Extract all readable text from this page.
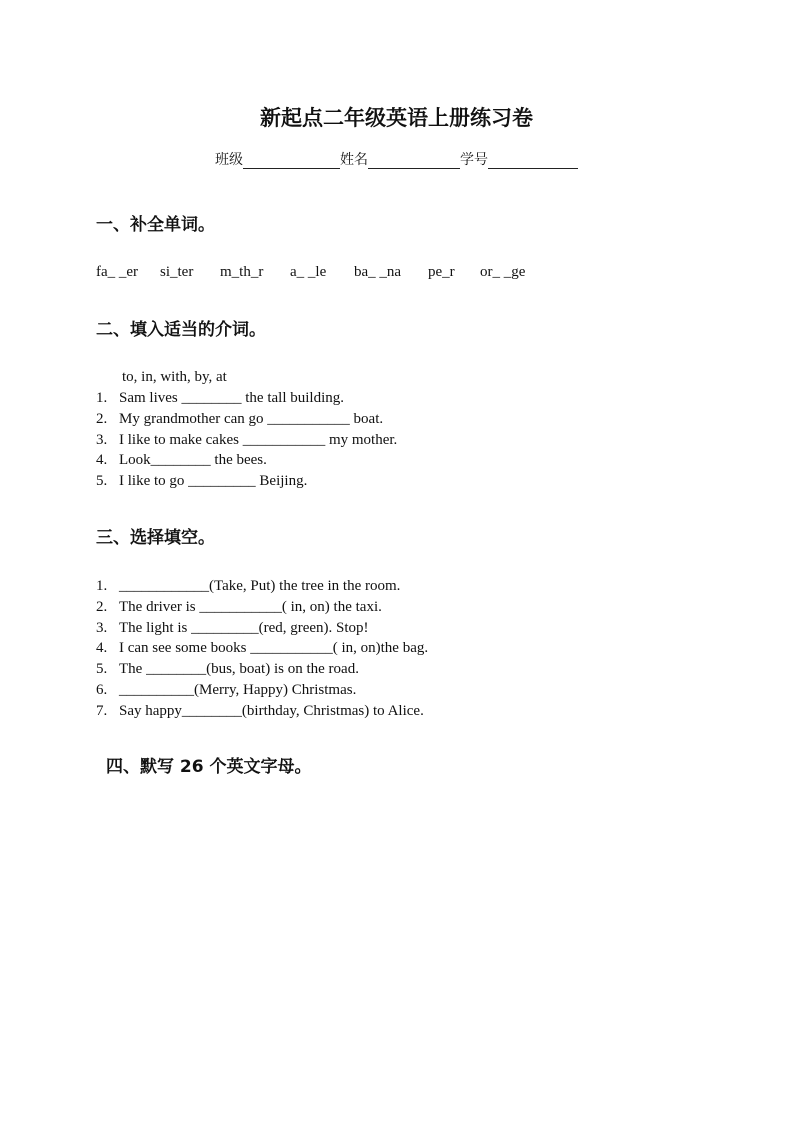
新起点二年级英语上册练习卷
班级	姓名	学号
一、补全单词。
fa_ _er si_ter m_th_r a_ _le ba_ _na pe_r or_ _ge
二、填入适当的介词。
to, in, with, by, at
1. Sam lives ________ the tall building.
2. My grandmother can go ___________ boat.
3. I like to make cakes ___________ my mother.
4. Look________ the bees.
5. I like to go _________ Beijing.
三、选择填空。
1. ____________(Take, Put) the tree in the room.
2. The driver is ___________( in, on) the taxi.
3. The light is _________(red, green). Stop!
4. I can see some books ___________( in, on)the bag.
5. The ________(bus, boat) is on the road.
6. __________(Merry, Happy) Christmas.
7. Say happy________(birthday, Christmas) to Alice.
四、默写 26 个英文字母。
